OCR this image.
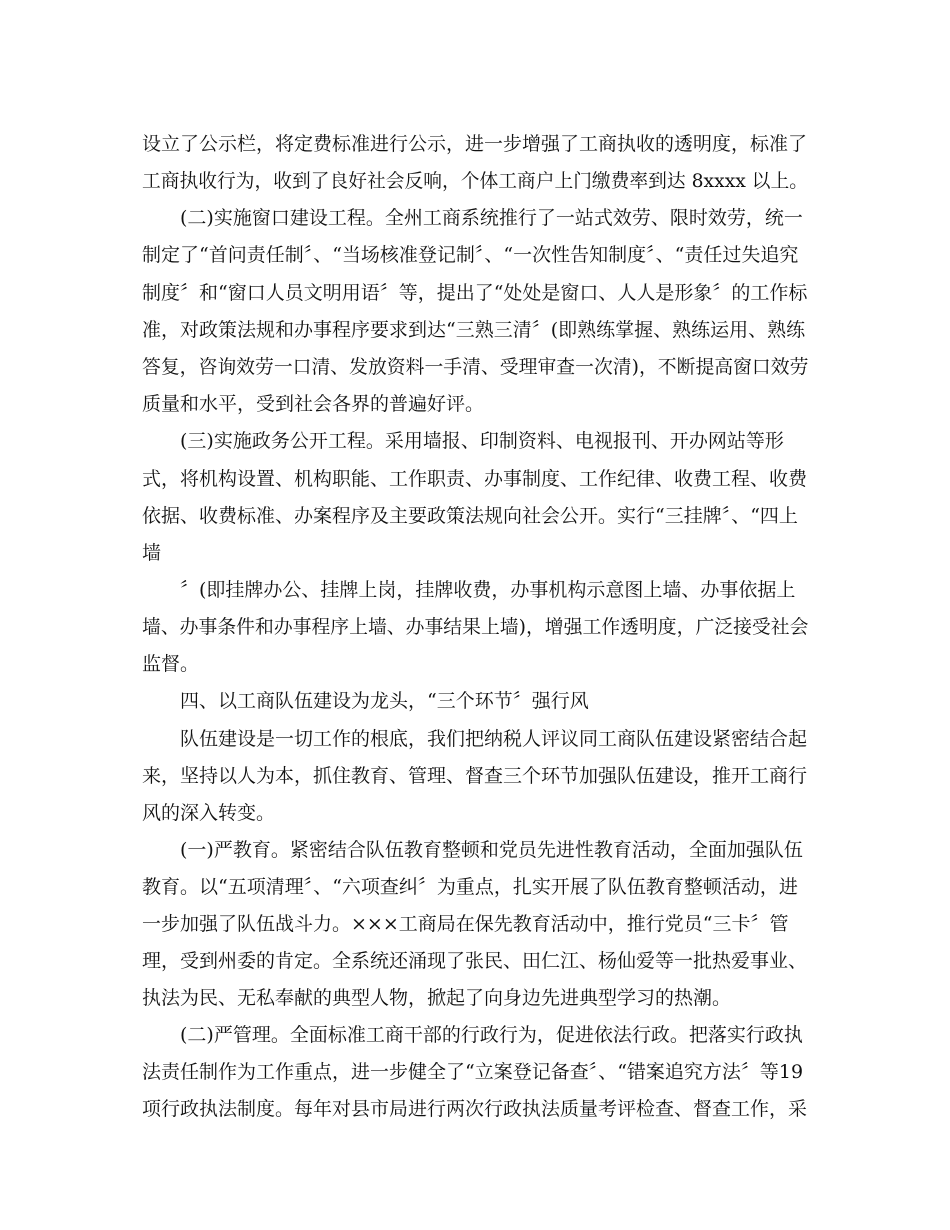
设立了公示栏，将定费标准进行公示，进一步增强了工商执收的透明度，标准了
工商执收行为，收到了良好社会反响，个体工商户上门缴费率到达 8xxxx 以上。
(二)实施窗口建设工程。全州工商系统推行了一站式效劳、限时效劳，统一
制定了“首问责任制〞、“当场核准登记制〞、“一次性告知制度〞、“责任过失追究
制度〞和“窗口人员文明用语〞等，提出了“处处是窗口、人人是形象〞的工作标
准，对政策法规和办事程序要求到达“三熟三清〞(即熟练掌握、熟练运用、熟练
答复，咨询效劳一口清、发放资料一手清、受理审查一次清)，不断提高窗口效劳
质量和水平，受到社会各界的普遍好评。
(三)实施政务公开工程。采用墙报、印制资料、电视报刊、开办网站等形
式，将机构设置、机构职能、工作职责、办事制度、工作纪律、收费工程、收费
依据、收费标准、办案程序及主要政策法规向社会公开。实行“三挂牌〞、“四上
墙
〞(即挂牌办公、挂牌上岗，挂牌收费，办事机构示意图上墙、办事依据上
墙、办事条件和办事程序上墙、办事结果上墙)，增强工作透明度，广泛接受社会
监督。
四、以工商队伍建设为龙头，“三个环节〞强行风
队伍建设是一切工作的根底，我们把纳税人评议同工商队伍建设紧密结合起
来，坚持以人为本，抓住教育、管理、督查三个环节加强队伍建设，推开工商行
风的深入转变。
(一)严教育。紧密结合队伍教育整顿和党员先进性教育活动，全面加强队伍
教育。以“五项清理〞、“六项查纠〞为重点，扎实开展了队伍教育整顿活动，进
一步加强了队伍战斗力。×××工商局在保先教育活动中，推行党员“三卡〞管
理，受到州委的肯定。全系统还涌现了张民、田仁江、杨仙爱等一批热爱事业、
执法为民、无私奉献的典型人物，掀起了向身边先进典型学习的热潮。
(二)严管理。全面标准工商干部的行政行为，促进依法行政。把落实行政执
法责任制作为工作重点，进一步健全了“立案登记备查〞、“错案追究方法〞等19
项行政执法制度。每年对县市局进行两次行政执法质量考评检查、督查工作，采
